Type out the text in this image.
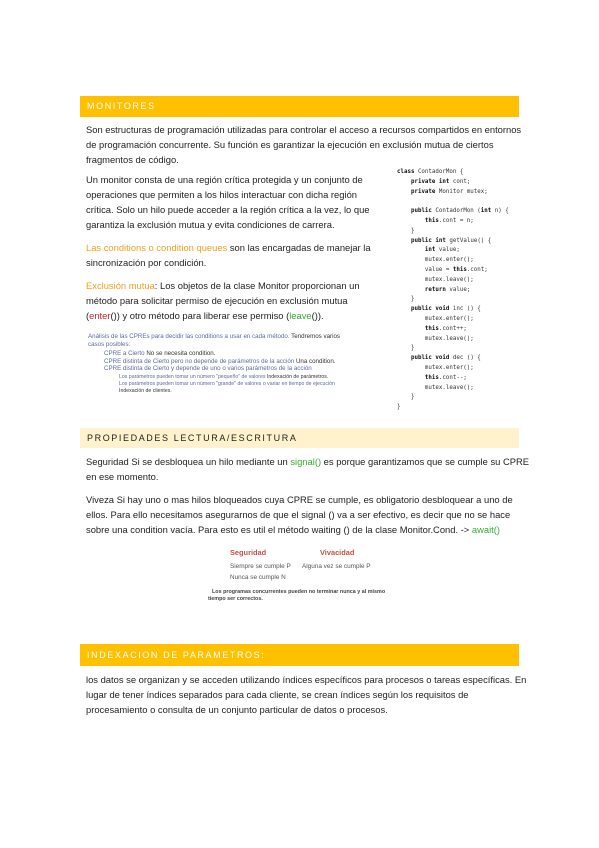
MONITORES

Son estructuras de programación utilizadas para controlar el acceso a recursos compartidos en entornos

de programación concurrente. Su función es garantizar la ejecución en exclusión mutua de ciertos

fragmentos de código.

Un monitor consta de una región crítica protegida y un conjunto de

operaciones que permiten a los hilos interactuar con dicha región

crítica. Solo un hilo puede acceder a la región crítica a la vez, lo que

garantiza la exclusión mutua y evita condiciones de carrera.

Las conditions o condition queues son las encargadas de manejar la

sincronización por condición.

Exclusión mutua: Los objetos de la clase Monitor proporcionan un

método para solicitar permiso de ejecución en exclusión mutua

(enter()) y otro método para liberar ese permiso (leave()).

class ContadorMon {
private int cont;
private Monitor mutex;

public ContadorMon (int n) {
this.cont = n;
}
public int getValue() {
int value;
mutex.enter();
value = this.cont;
mutex.leave();
return value;
}
public void inc () {
mutex.enter();
this.cont++;
mutex.leave();
}
public void dec () {
mutex.enter();
this.cont--;
mutex.leave();
}
}
Análisis de las CPREs para decidir las conditions a usar en cada método. Tendremos varios
casos posibles:
CPRE a Cierto No se necesita condition.
CPRE distinta de Cierto pero no depende de parámetros de la acción Una condition.
CPRE distinta de Cierto y depende de uno o varios parámetros de la acción
Los parámetros pueden tomar un número "pequeño" de valores Indexación de parámetros.
Los parámetros pueden tomar un número "grande" de valores o variar en tiempo de ejecución
Indexación de clientes.
PROPIEDADES LECTURA/ESCRITURA

Seguridad Si se desbloquea un hilo mediante un signal() es porque garantizamos que se cumple su CPRE

en ese momento.

Viveza Si hay uno o mas hilos bloqueados cuya CPRE se cumple, es obligatorio desbloquear a uno de

ellos. Para ello necesitamos asegurarnos de que el signal () va a ser efectivo, es decir que no se hace

sobre una condition vacía. Para esto es util el método waiting () de la clase Monitor.Cond. -> await()

Seguridad	Vivacidad
Siempre se cumple P Alguna vez se cumple P
Nunca se cumple N
Los programas concurrentes pueden no terminar nunca y al mismo
tiempo ser correctos.
INDEXACION DE PARAMETROS:

los datos se organizan y se acceden utilizando índices específicos para procesos o tareas específicas. En

lugar de tener índices separados para cada cliente, se crean índices según los requisitos de

procesamiento o consulta de un conjunto particular de datos o procesos.
